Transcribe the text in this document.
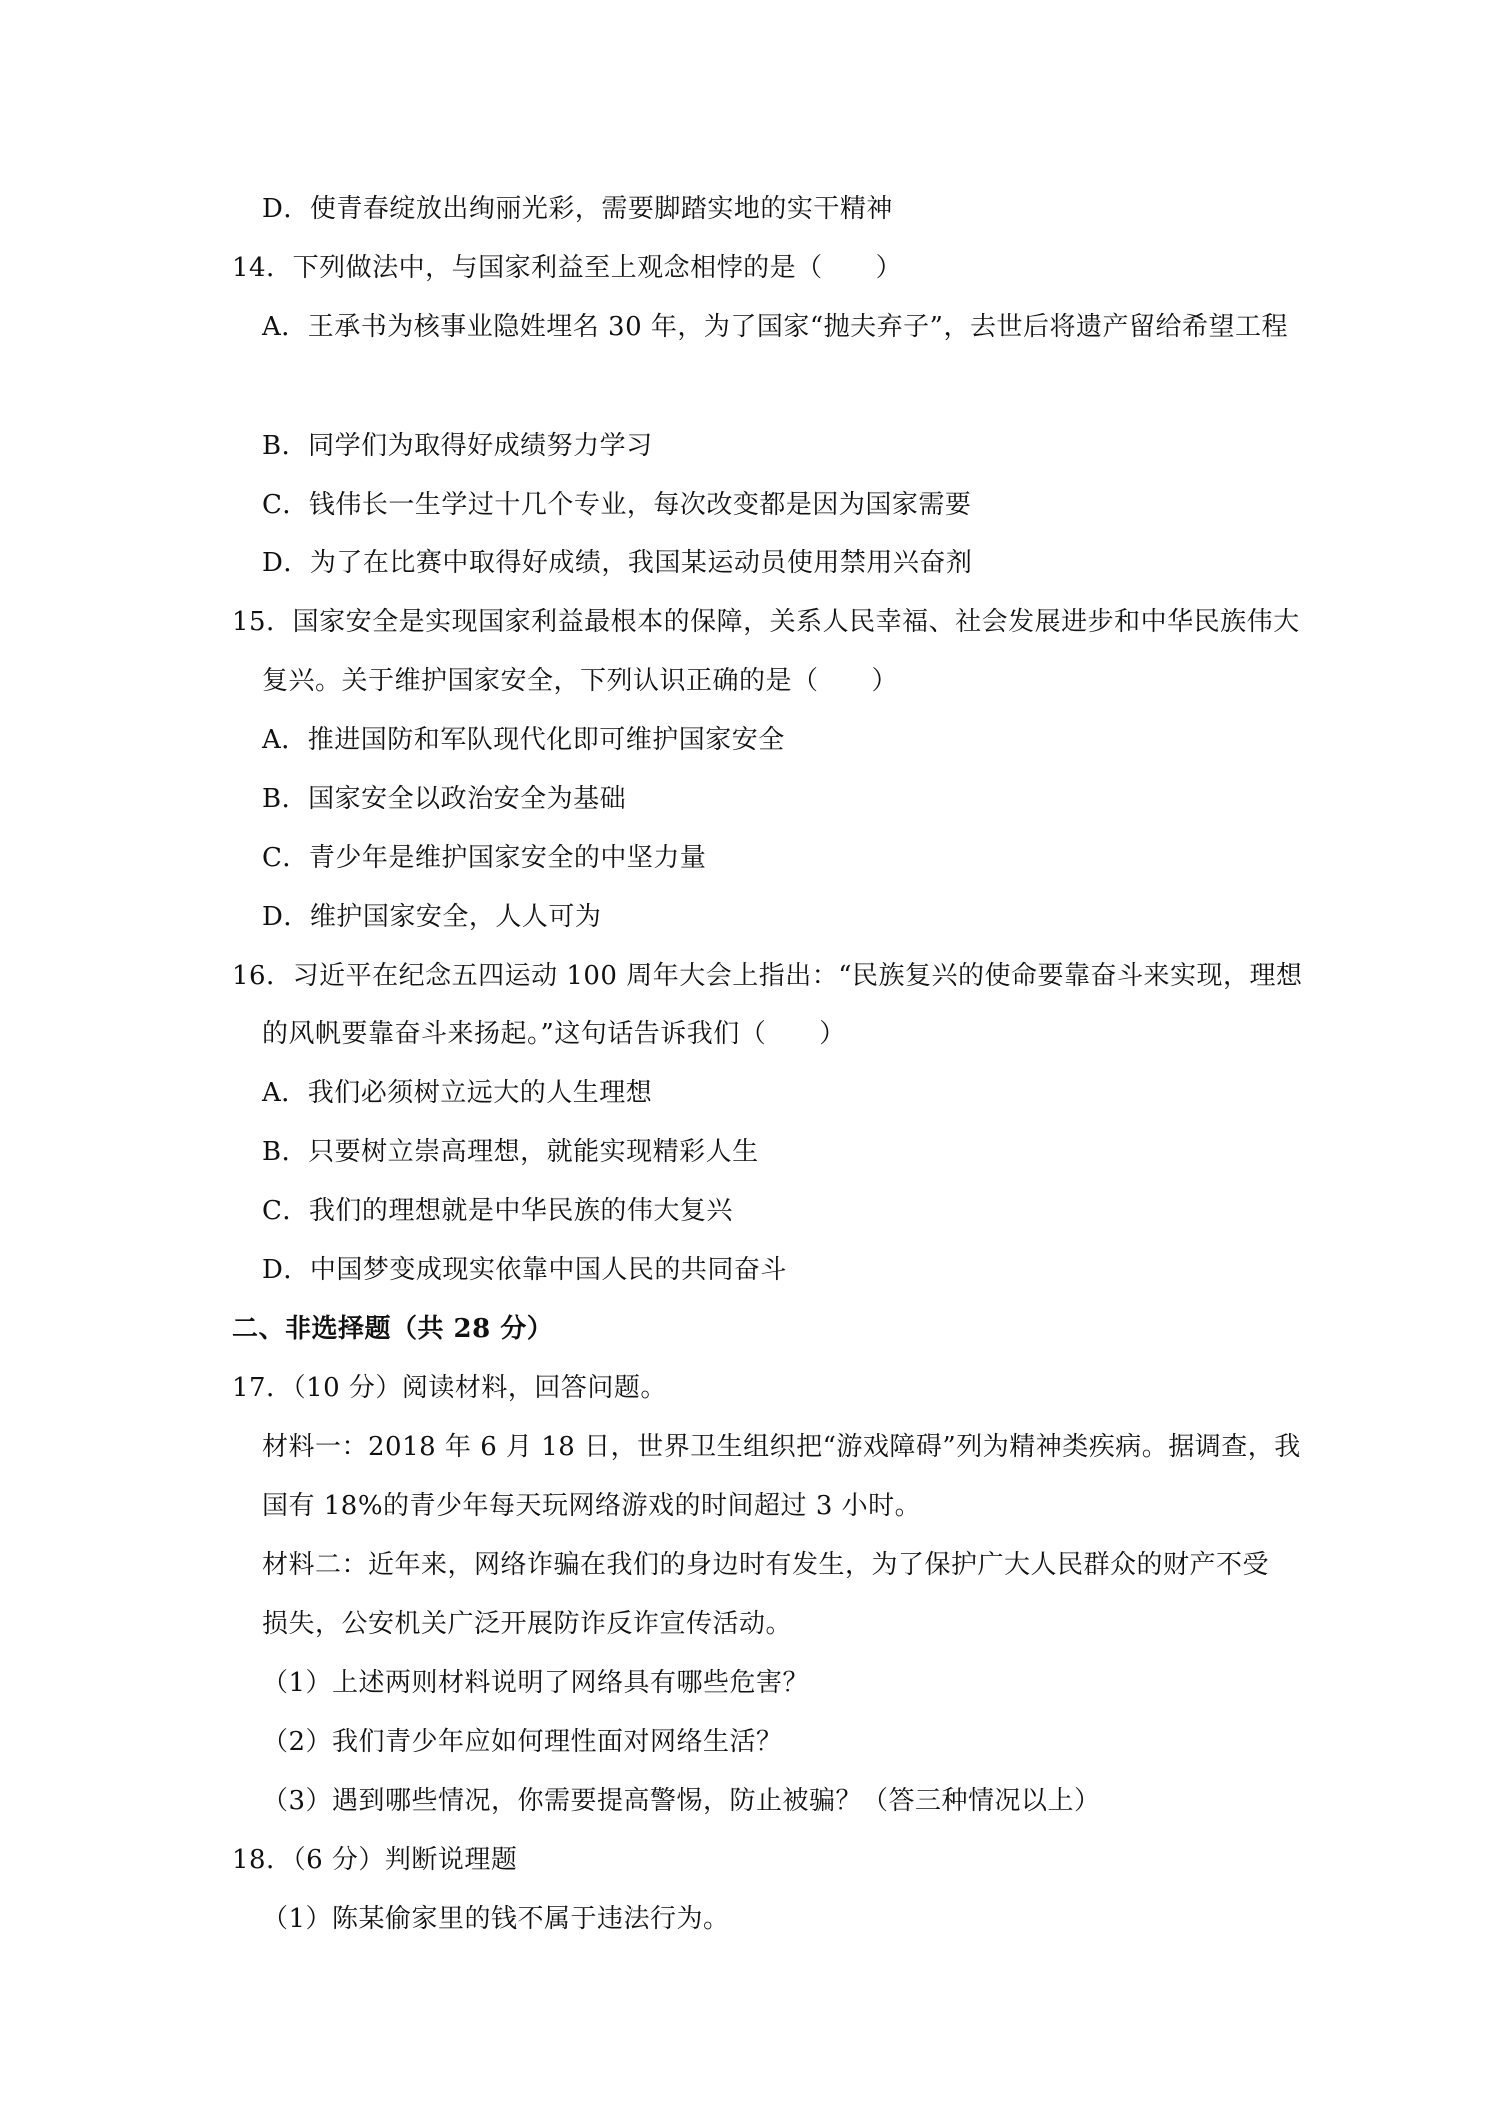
D．使青春绽放出绚丽光彩，需要脚踏实地的实干精神
14．下列做法中，与国家利益至上观念相悖的是（　　）
A．王承书为核事业隐姓埋名 30 年，为了国家“抛夫弃子”，去世后将遗产留给希望工程
B．同学们为取得好成绩努力学习
C．钱伟长一生学过十几个专业，每次改变都是因为国家需要
D．为了在比赛中取得好成绩，我国某运动员使用禁用兴奋剂
15．国家安全是实现国家利益最根本的保障，关系人民幸福、社会发展进步和中华民族伟大
复兴。关于维护国家安全，下列认识正确的是（　　）
A．推进国防和军队现代化即可维护国家安全
B．国家安全以政治安全为基础
C．青少年是维护国家安全的中坚力量
D．维护国家安全，人人可为
16．习近平在纪念五四运动 100 周年大会上指出：“民族复兴的使命要靠奋斗来实现，理想
的风帆要靠奋斗来扬起。”这句话告诉我们（　　）
A．我们必须树立远大的人生理想
B．只要树立崇高理想，就能实现精彩人生
C．我们的理想就是中华民族的伟大复兴
D．中国梦变成现实依靠中国人民的共同奋斗
二、非选择题（共 28 分）
17．（10 分）阅读材料，回答问题。
材料一：2018 年 6 月 18 日，世界卫生组织把“游戏障碍”列为精神类疾病。据调查，我
国有 18%的青少年每天玩网络游戏的时间超过 3 小时。
材料二：近年来，网络诈骗在我们的身边时有发生，为了保护广大人民群众的财产不受
损失，公安机关广泛开展防诈反诈宣传活动。
（1）上述两则材料说明了网络具有哪些危害？
（2）我们青少年应如何理性面对网络生活？
（3）遇到哪些情况，你需要提高警惕，防止被骗？（答三种情况以上）
18．（6 分）判断说理题
（1）陈某偷家里的钱不属于违法行为。
